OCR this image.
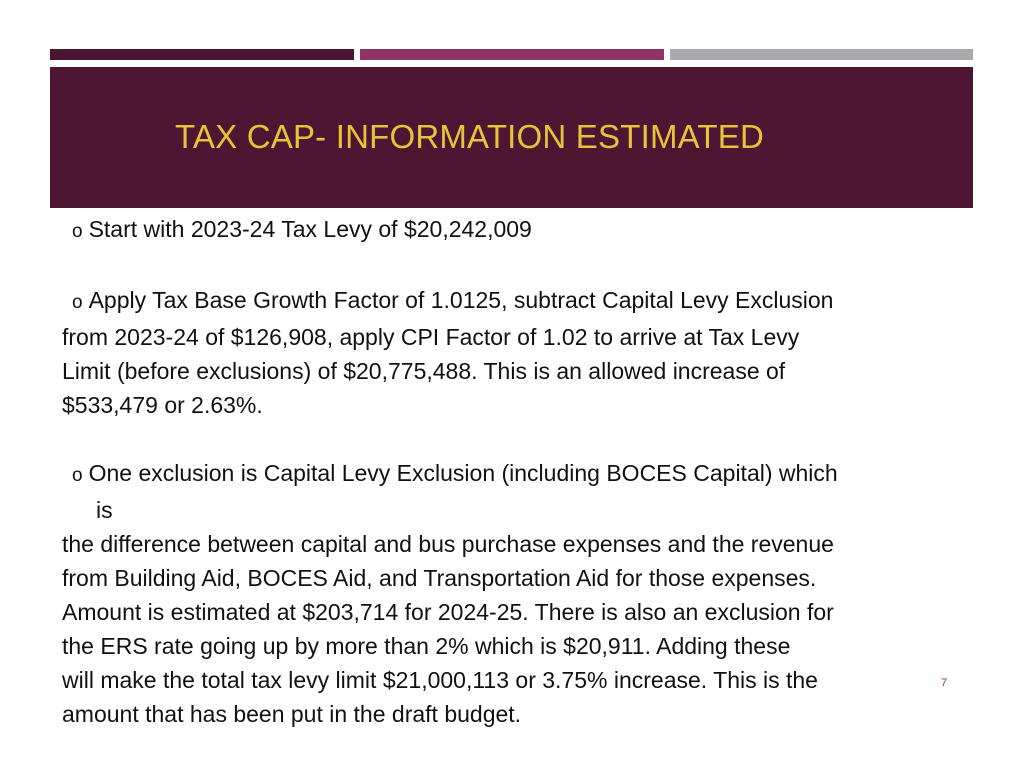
TAX CAP- INFORMATION ESTIMATED

o Start with 2023-24 Tax Levy of $20,242,009

o Apply Tax Base Growth Factor of 1.0125, subtract Capital Levy Exclusion
from 2023-24 of $126,908, apply CPI Factor of 1.02 to arrive at Tax Levy
Limit (before exclusions) of $20,775,488. This is an allowed increase of
$533,479 or 2.63%.

o One exclusion is Capital Levy Exclusion (including BOCES Capital) which
is
the difference between capital and bus purchase expenses and the revenue
from Building Aid, BOCES Aid, and Transportation Aid for those expenses.
Amount is estimated at $203,714 for 2024-25. There is also an exclusion for
the ERS rate going up by more than 2% which is $20,911. Adding these
will make the total tax levy limit $21,000,113 or 3.75% increase. This is the
amount that has been put in the draft budget.

7
